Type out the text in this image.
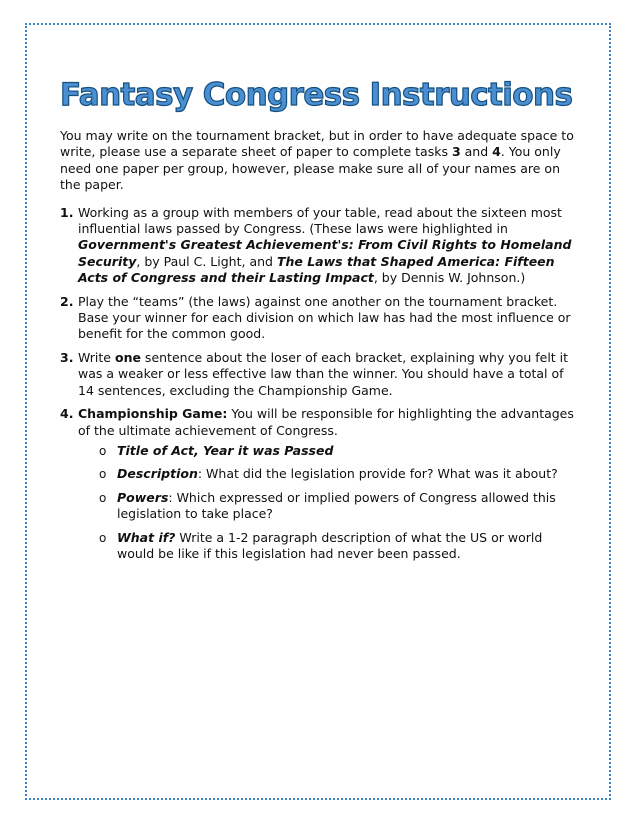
Fantasy Congress Instructions

You may write on the tournament bracket, but in order to have adequate space to write, please use a separate sheet of paper to complete tasks 3 and 4. You only need one paper per group, however, please make sure all of your names are on the paper.

1. Working as a group with members of your table, read about the sixteen most influential laws passed by Congress. (These laws were highlighted in Government's Greatest Achievement's: From Civil Rights to Homeland Security, by Paul C. Light, and The Laws that Shaped America: Fifteen Acts of Congress and their Lasting Impact, by Dennis W. Johnson.)
2. Play the “teams” (the laws) against one another on the tournament bracket. Base your winner for each division on which law has had the most influence or benefit for the common good.
3. Write one sentence about the loser of each bracket, explaining why you felt it was a weaker or less effective law than the winner. You should have a total of 14 sentences, excluding the Championship Game.
4. Championship Game: You will be responsible for highlighting the advantages of the ultimate achievement of Congress.
o Title of Act, Year it was Passed
o Description: What did the legislation provide for? What was it about?
o Powers: Which expressed or implied powers of Congress allowed this legislation to take place?
o What if? Write a 1-2 paragraph description of what the US or world would be like if this legislation had never been passed.
